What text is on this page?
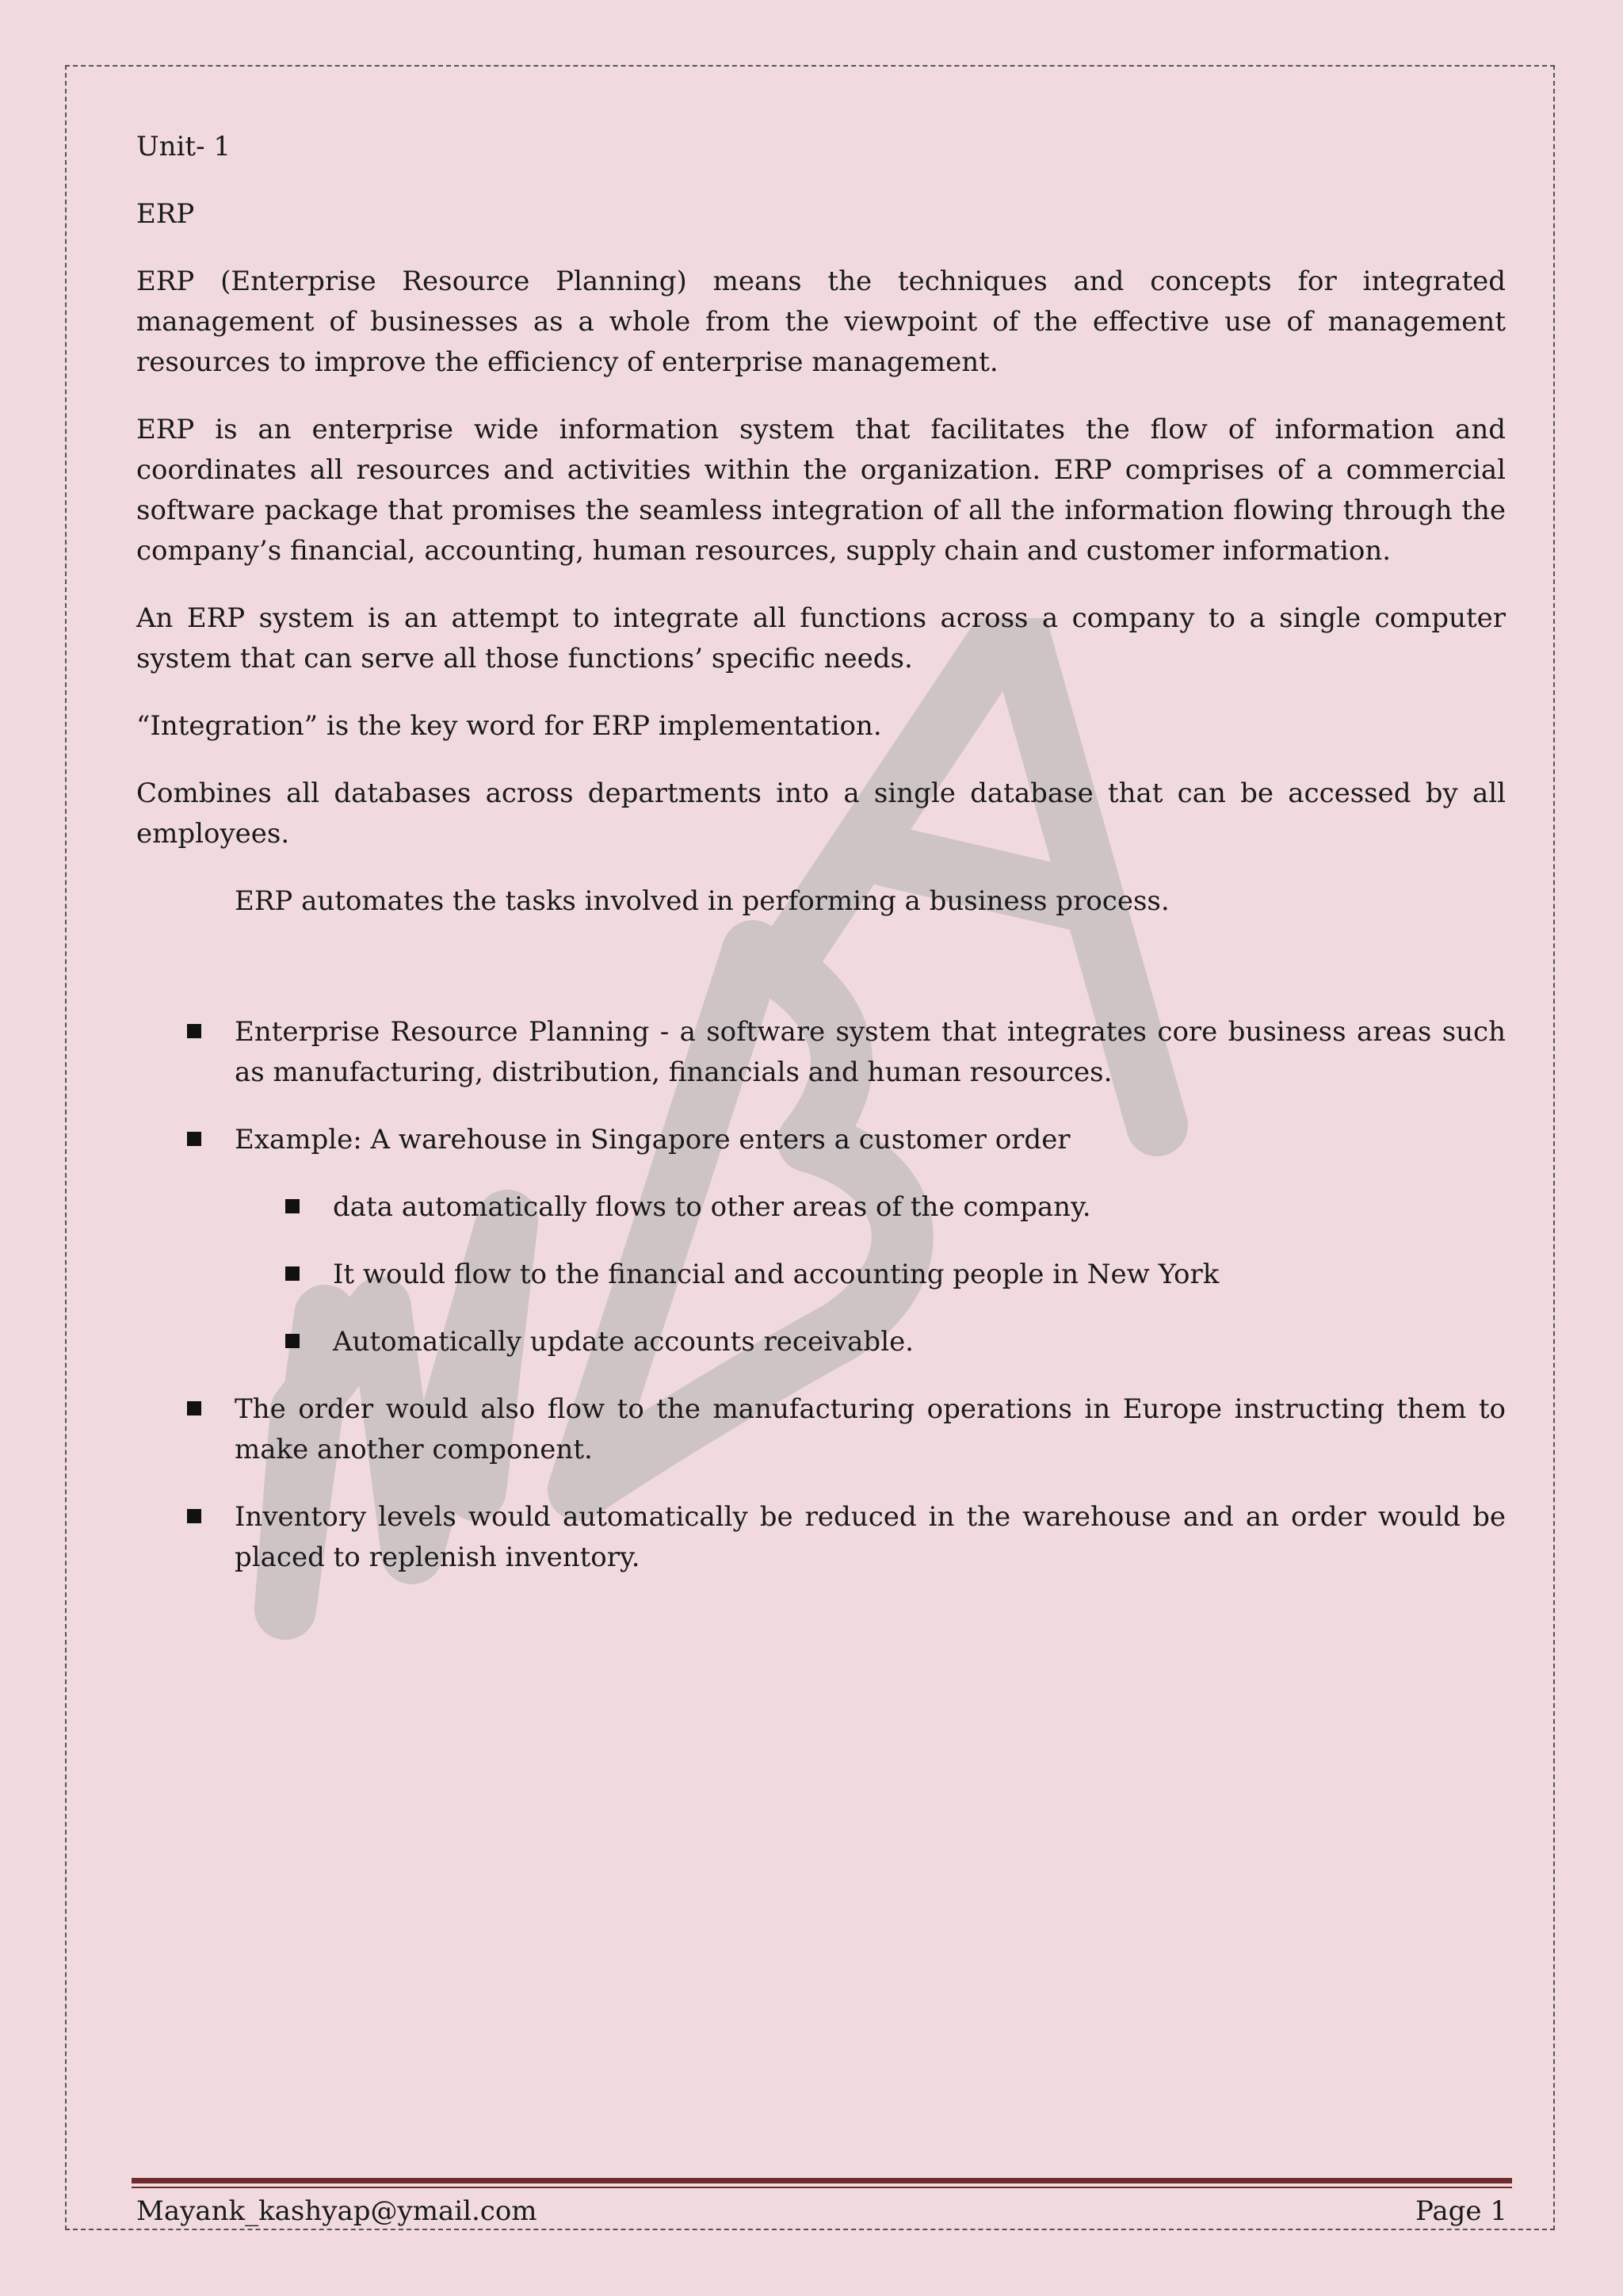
Unit- 1

ERP

ERP (Enterprise Resource Planning) means the techniques and concepts for integrated management of businesses as a whole from the viewpoint of the effective use of management resources to improve the efficiency of enterprise management.

ERP is an enterprise wide information system that facilitates the flow of information and coordinates all resources and activities within the organization. ERP comprises of a commercial software package that promises the seamless integration of all the information flowing through the company’s financial, accounting, human resources, supply chain and customer information.

An ERP system is an attempt to integrate all functions across a company to a single computer system that can serve all those functions’ specific needs.

“Integration” is the key word for ERP implementation.

Combines all databases across departments into a single database that can be accessed by all employees.

ERP automates the tasks involved in performing a business process.

Enterprise Resource Planning - a software system that integrates core business areas such as manufacturing, distribution, financials and human resources.
Example: A warehouse in Singapore enters a customer order
data automatically flows to other areas of the company.
It would flow to the financial and accounting people in New York
Automatically update accounts receivable.
The order would also flow to the manufacturing operations in Europe instructing them to make another component.
Inventory levels would automatically be reduced in the warehouse and an order would be placed to replenish inventory.
Mayank_kashyap@ymail.com	Page 1
